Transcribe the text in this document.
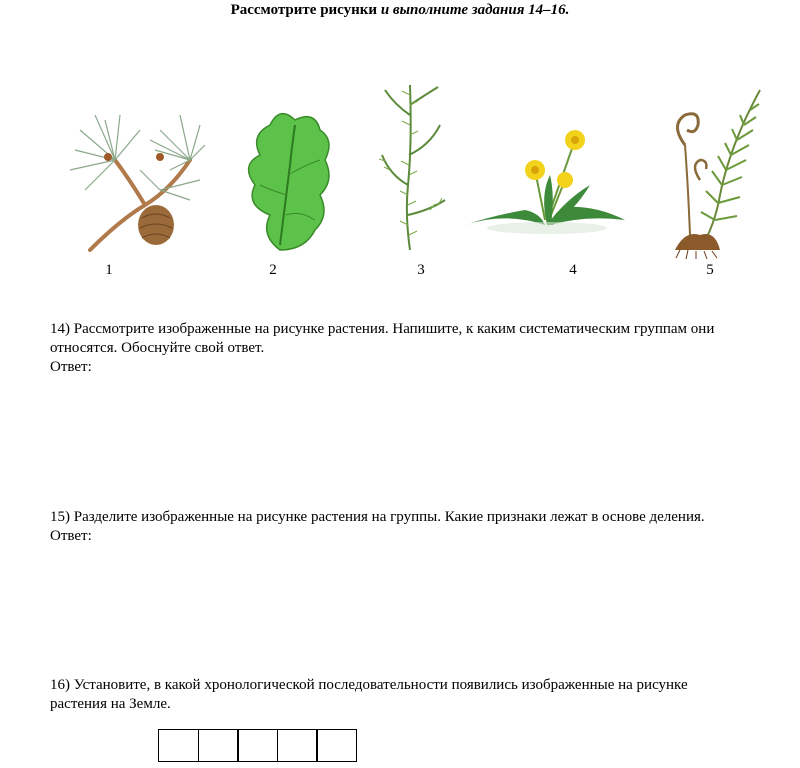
Рассмотрите рисунки и выполните задания 14–16.
1	2	3	4	5
14) Рассмотрите изображенные на рисунке растения. Напишите, к каким систематическим группам они относятся. Обоснуйте свой ответ.
Ответ:
15) Разделите изображенные на рисунке растения на группы. Какие признаки лежат в основе деления.
Ответ:
16) Установите, в какой хронологической последовательности появились изображенные на рисунке растения на Земле.
